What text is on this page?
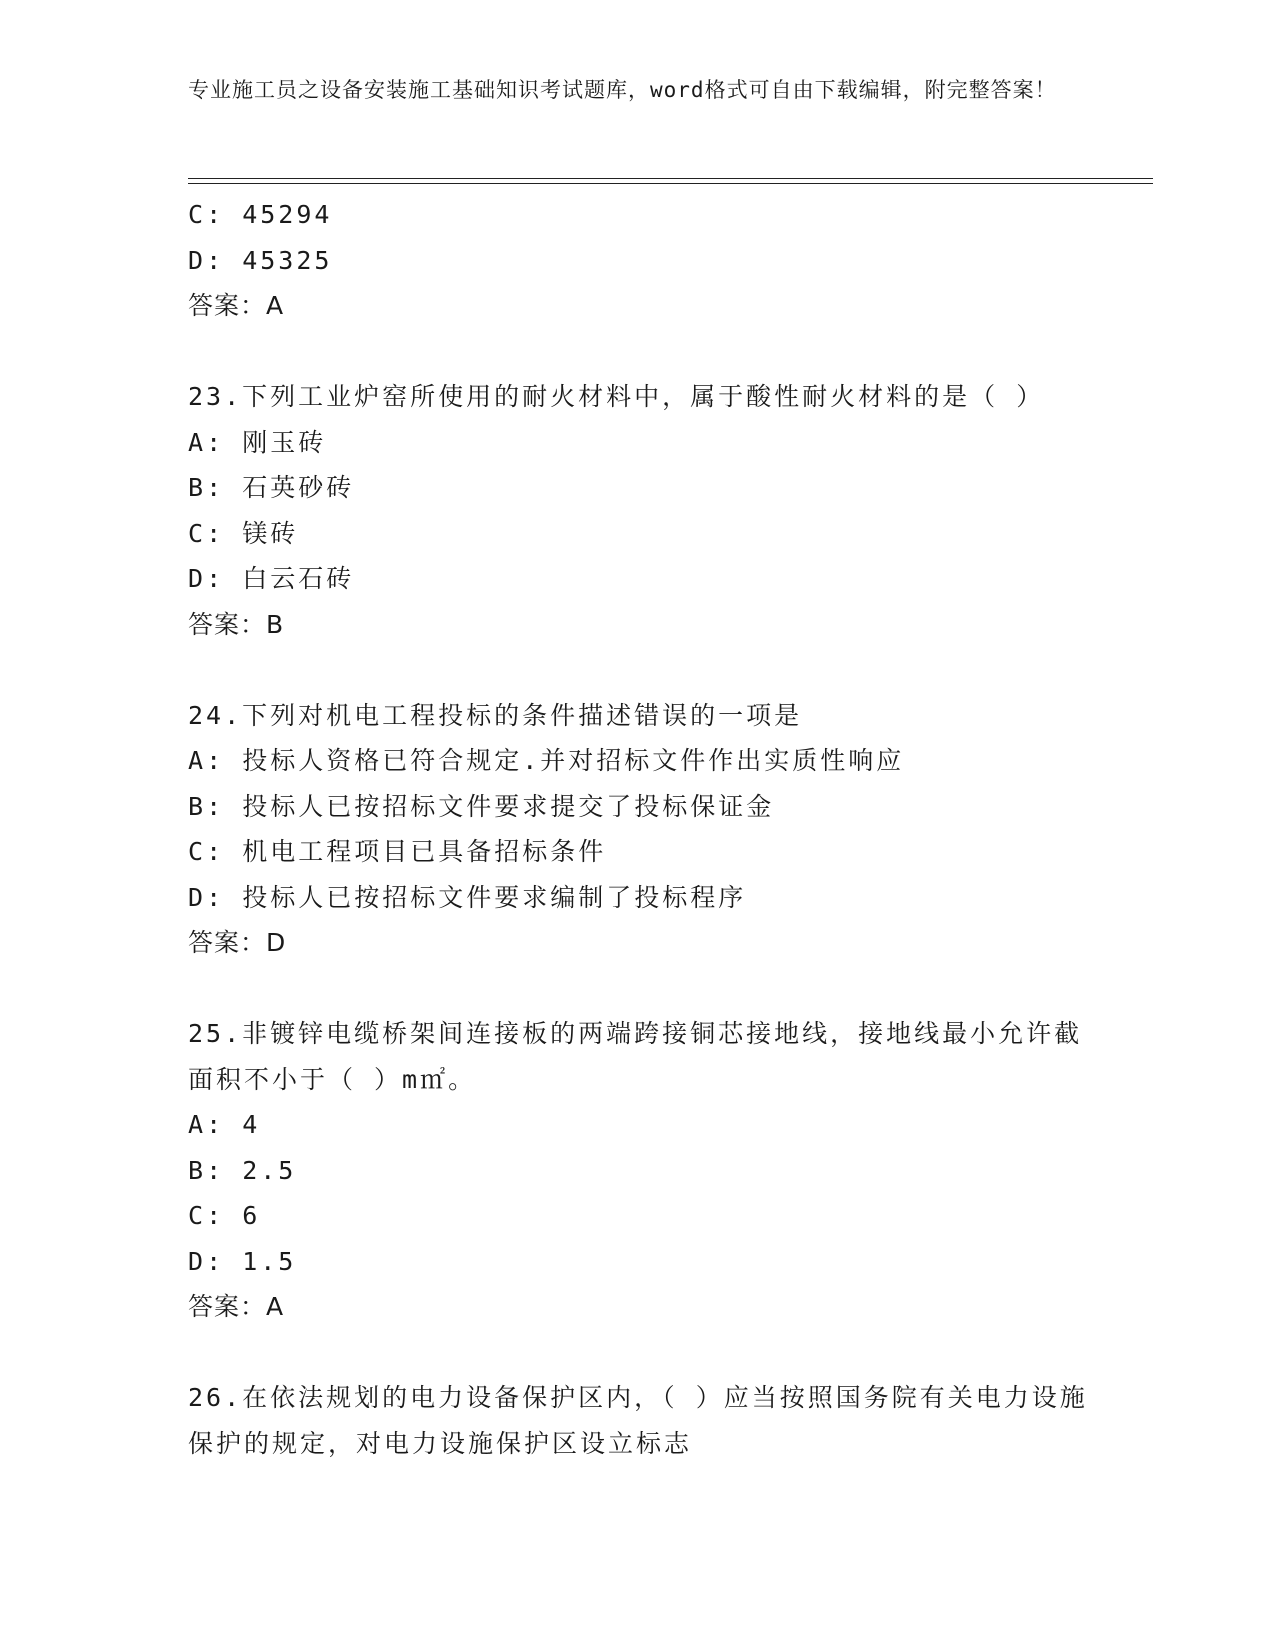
专业施工员之设备安装施工基础知识考试题库，word格式可自由下载编辑，附完整答案！
C: 45294
D: 45325
答案：A
23.下列工业炉窑所使用的耐火材料中，属于酸性耐火材料的是（ ）
A: 刚玉砖
B: 石英砂砖
C: 镁砖
D: 白云石砖
答案：B
24.下列对机电工程投标的条件描述错误的一项是
A: 投标人资格已符合规定.并对招标文件作出实质性响应
B: 投标人已按招标文件要求提交了投标保证金
C: 机电工程项目已具备招标条件
D: 投标人已按招标文件要求编制了投标程序
答案：D
25.非镀锌电缆桥架间连接板的两端跨接铜芯接地线，接地线最小允许截面积不小于（ ）m㎡。
A: 4
B: 2.5
C: 6
D: 1.5
答案：A
26.在依法规划的电力设备保护区内，（ ）应当按照国务院有关电力设施保护的规定，对电力设施保护区设立标志
